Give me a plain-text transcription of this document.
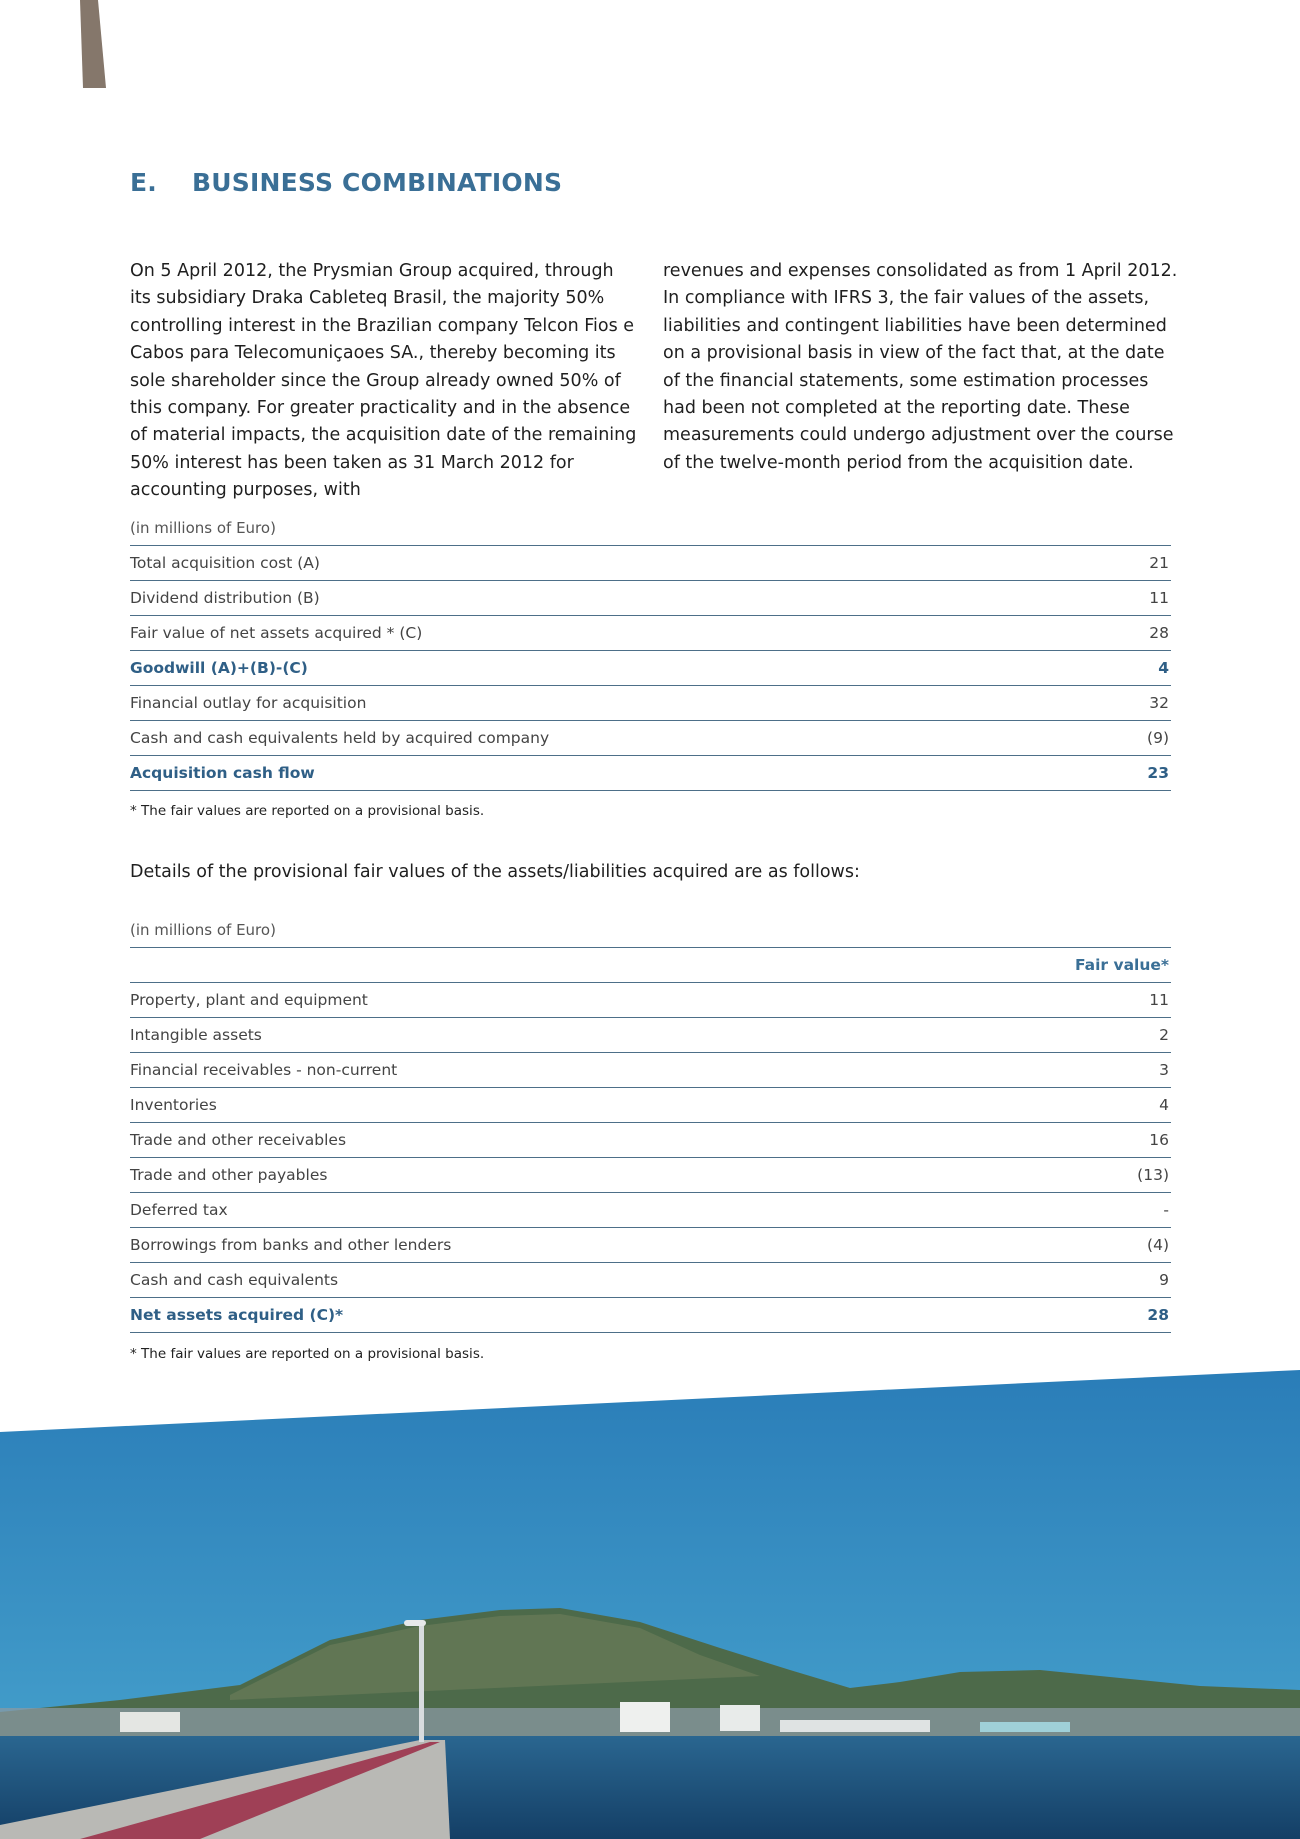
E. BUSINESS COMBINATIONS

On 5 April 2012, the Prysmian Group acquired, through its subsidiary Draka Cableteq Brasil, the majority 50% controlling interest in the Brazilian company Telcon Fios e Cabos para Telecomuniçaoes SA., thereby becoming its sole shareholder since the Group already owned 50% of this company. For greater practicality and in the absence of material impacts, the acquisition date of the remaining 50% interest has been taken as 31 March 2012 for accounting purposes, with

revenues and expenses consolidated as from 1 April 2012.

In compliance with IFRS 3, the fair values of the assets, liabilities and contingent liabilities have been determined on a provisional basis in view of the fact that, at the date of the financial statements, some estimation processes had been not completed at the reporting date. These measurements could undergo adjustment over the course of the twelve-month period from the acquisition date.

(in millions of Euro)
Total acquisition cost (A)	21
Dividend distribution (B)	11
Fair value of net assets acquired * (C)	28
Goodwill (A)+(B)-(C)	4
Financial outlay for acquisition	32
Cash and cash equivalents held by acquired company	(9)
Acquisition cash flow	23
* The fair values are reported on a provisional basis.
Details of the provisional fair values of the assets/liabilities acquired are as follows:
(in millions of Euro)
Fair value*
Property, plant and equipment	11
Intangible assets	2
Financial receivables - non-current	3
Inventories	4
Trade and other receivables	16
Trade and other payables	(13)
Deferred tax	-
Borrowings from banks and other lenders	(4)
Cash and cash equivalents	9
Net assets acquired (C)*	28
* The fair values are reported on a provisional basis.
